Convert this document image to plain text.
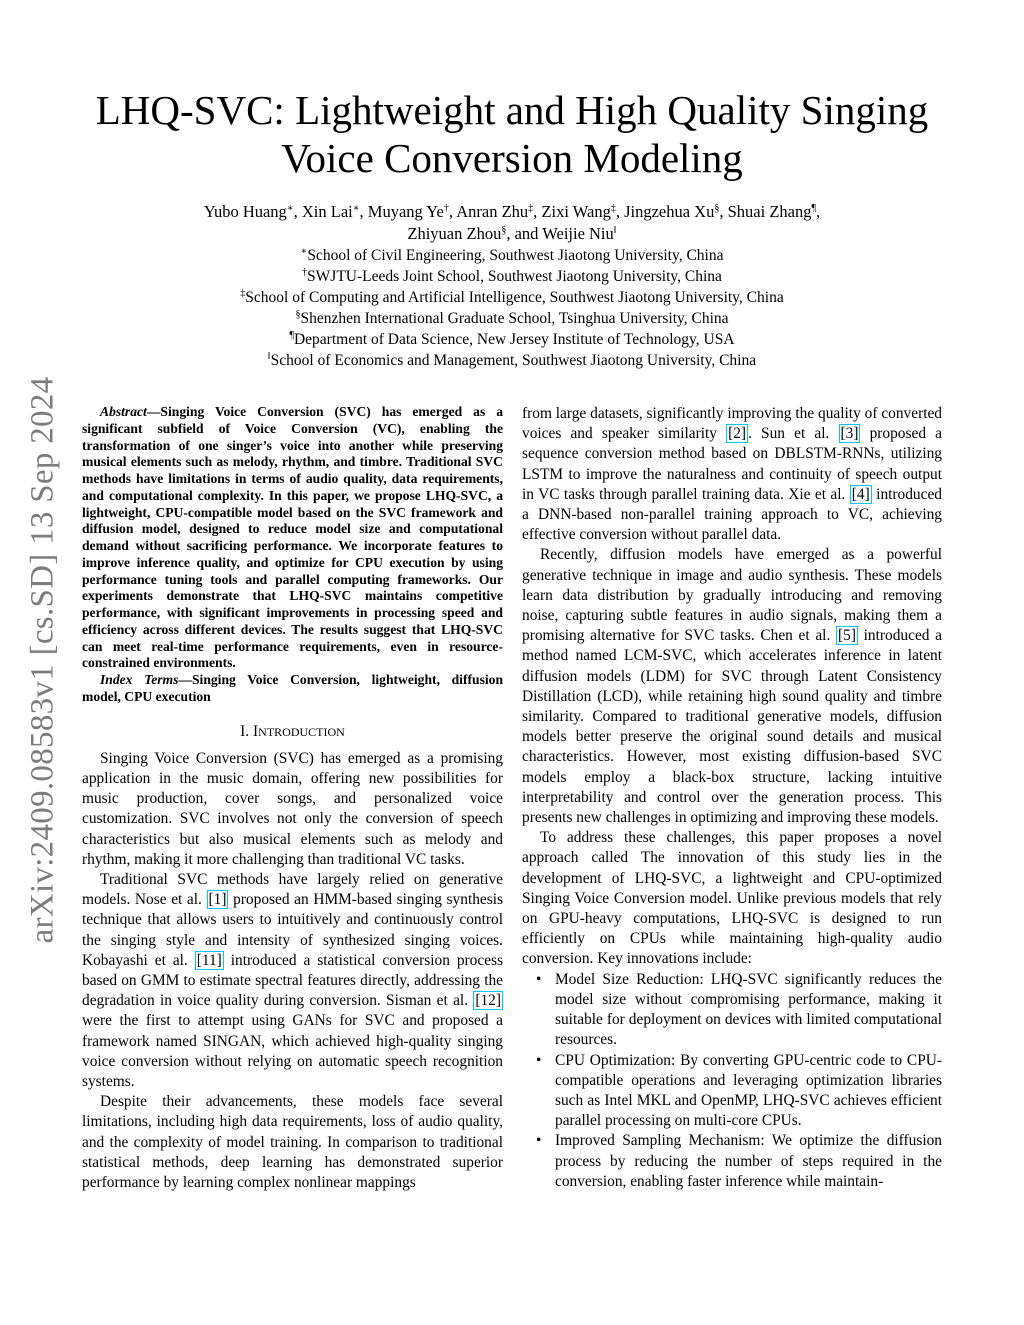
arXiv:2409.08583v1 [cs.SD] 13 Sep 2024
LHQ-SVC: Lightweight and High Quality Singing Voice Conversion Modeling
Yubo Huang∗, Xin Lai∗, Muyang Ye†, Anran Zhu‡, Zixi Wang‡, Jingzehua Xu§, Shuai Zhang¶,
Zhiyuan Zhou§, and Weijie Niu‖
∗School of Civil Engineering, Southwest Jiaotong University, China
†SWJTU-Leeds Joint School, Southwest Jiaotong University, China
‡School of Computing and Artificial Intelligence, Southwest Jiaotong University, China
§Shenzhen International Graduate School, Tsinghua University, China
¶Department of Data Science, New Jersey Institute of Technology, USA
‖School of Economics and Management, Southwest Jiaotong University, China

Abstract—Singing Voice Conversion (SVC) has emerged as a significant subfield of Voice Conversion (VC), enabling the transformation of one singer’s voice into another while preserving musical elements such as melody, rhythm, and timbre. Traditional SVC methods have limitations in terms of audio quality, data requirements, and computational complexity. In this paper, we propose LHQ-SVC, a lightweight, CPU-compatible model based on the SVC framework and diffusion model, designed to reduce model size and computational demand without sacrificing performance. We incorporate features to improve inference quality, and optimize for CPU execution by using performance tuning tools and parallel computing frameworks. Our experiments demonstrate that LHQ-SVC maintains competitive performance, with significant improvements in processing speed and efficiency across different devices. The results suggest that LHQ-SVC can meet real-time performance requirements, even in resource-constrained environments.

Index Terms—Singing Voice Conversion, lightweight, diffusion model, CPU execution

I. INTRODUCTION

Singing Voice Conversion (SVC) has emerged as a promising application in the music domain, offering new possibilities for music production, cover songs, and personalized voice customization. SVC involves not only the conversion of speech characteristics but also musical elements such as melody and rhythm, making it more challenging than traditional VC tasks.

Traditional SVC methods have largely relied on generative models. Nose et al. [1] proposed an HMM-based singing synthesis technique that allows users to intuitively and continuously control the singing style and intensity of synthesized singing voices. Kobayashi et al. [11] introduced a statistical conversion process based on GMM to estimate spectral features directly, addressing the degradation in voice quality during conversion. Sisman et al. [12] were the first to attempt using GANs for SVC and proposed a framework named SINGAN, which achieved high-quality singing voice conversion without relying on automatic speech recognition systems.

Despite their advancements, these models face several limitations, including high data requirements, loss of audio quality, and the complexity of model training. In comparison to traditional statistical methods, deep learning has demonstrated superior performance by learning complex nonlinear mappings

from large datasets, significantly improving the quality of converted voices and speaker similarity [2] . Sun et al. [3] proposed a sequence conversion method based on DBLSTM-RNNs, utilizing LSTM to improve the naturalness and continuity of speech output in VC tasks through parallel training data. Xie et al. [4] introduced a DNN-based non-parallel training approach to VC, achieving effective conversion without parallel data.

Recently, diffusion models have emerged as a powerful generative technique in image and audio synthesis. These models learn data distribution by gradually introducing and removing noise, capturing subtle features in audio signals, making them a promising alternative for SVC tasks. Chen et al. [5] introduced a method named LCM-SVC, which accelerates inference in latent diffusion models (LDM) for SVC through Latent Consistency Distillation (LCD), while retaining high sound quality and timbre similarity. Compared to traditional generative models, diffusion models better preserve the original sound details and musical characteristics. However, most existing diffusion-based SVC models employ a black-box structure, lacking intuitive interpretability and control over the generation process. This presents new challenges in optimizing and improving these models.

To address these challenges, this paper proposes a novel approach called The innovation of this study lies in the development of LHQ-SVC, a lightweight and CPU-optimized Singing Voice Conversion model. Unlike previous models that rely on GPU-heavy computations, LHQ-SVC is designed to run efficiently on CPUs while maintaining high-quality audio conversion. Key innovations include:

• Model Size Reduction: LHQ-SVC significantly reduces the model size without compromising performance, making it suitable for deployment on devices with limited computational resources.
• CPU Optimization: By converting GPU-centric code to CPU-compatible operations and leveraging optimization libraries such as Intel MKL and OpenMP, LHQ-SVC achieves efficient parallel processing on multi-core CPUs.
• Improved Sampling Mechanism: We optimize the diffusion process by reducing the number of steps required in the conversion, enabling faster inference while maintain-
